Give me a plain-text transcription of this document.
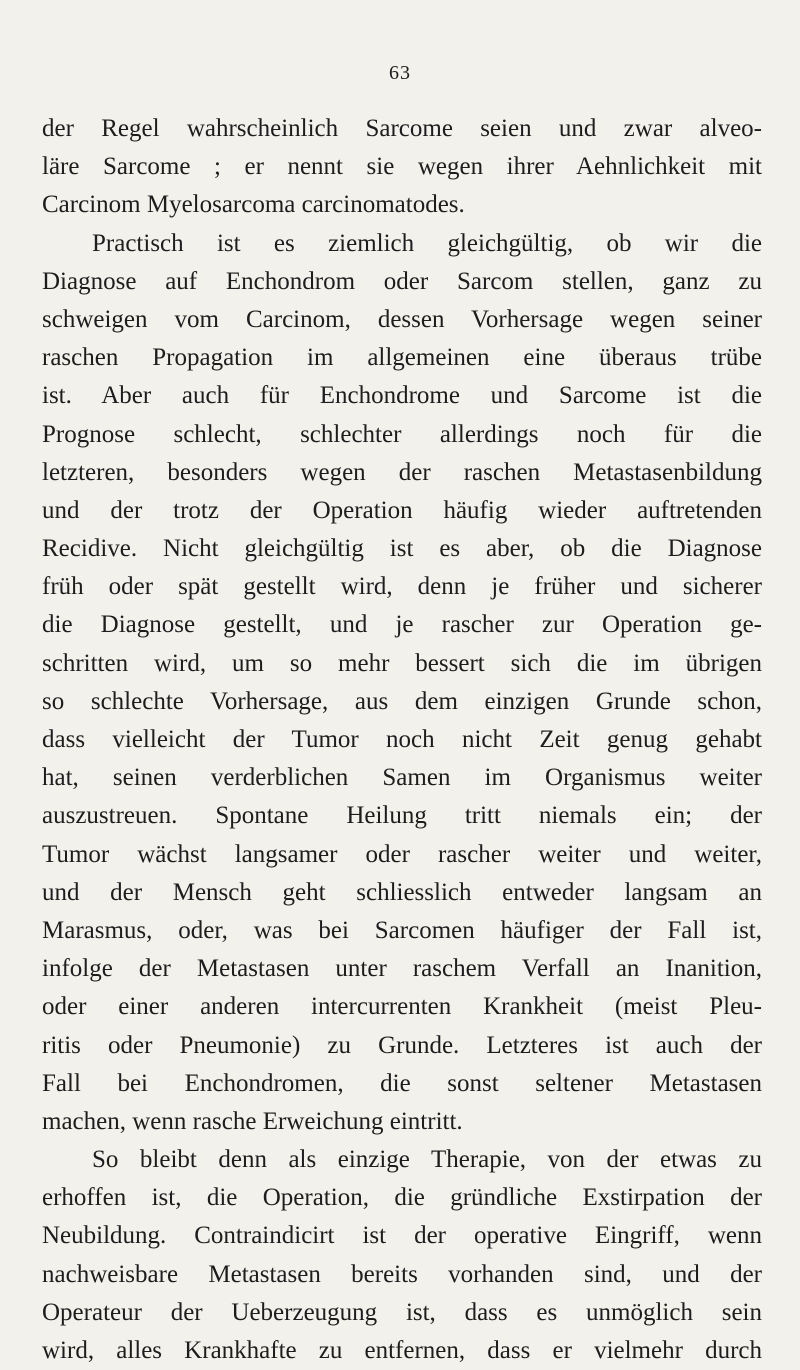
63
der Regel wahrscheinlich Sarcome seien und zwar alveo-
läre Sarcome ; er nennt sie wegen ihrer Aehnlichkeit mit
Carcinom Myelosarcoma carcinomatodes.
Practisch ist es ziemlich gleichgültig, ob wir die
Diagnose auf Enchondrom oder Sarcom stellen, ganz zu
schweigen vom Carcinom, dessen Vorhersage wegen seiner
raschen Propagation im allgemeinen eine überaus trübe
ist. Aber auch für Enchondrome und Sarcome ist die
Prognose schlecht, schlechter allerdings noch für die
letzteren, besonders wegen der raschen Metastasenbildung
und der trotz der Operation häufig wieder auftretenden
Recidive. Nicht gleichgültig ist es aber, ob die Diagnose
früh oder spät gestellt wird, denn je früher und sicherer
die Diagnose gestellt, und je rascher zur Operation ge-
schritten wird, um so mehr bessert sich die im übrigen
so schlechte Vorhersage, aus dem einzigen Grunde schon,
dass vielleicht der Tumor noch nicht Zeit genug gehabt
hat, seinen verderblichen Samen im Organismus weiter
auszustreuen. Spontane Heilung tritt niemals ein; der
Tumor wächst langsamer oder rascher weiter und weiter,
und der Mensch geht schliesslich entweder langsam an
Marasmus, oder, was bei Sarcomen häufiger der Fall ist,
infolge der Metastasen unter raschem Verfall an Inanition,
oder einer anderen intercurrenten Krankheit (meist Pleu-
ritis oder Pneumonie) zu Grunde. Letzteres ist auch der
Fall bei Enchondromen, die sonst seltener Metastasen
machen, wenn rasche Erweichung eintritt.
So bleibt denn als einzige Therapie, von der etwas zu
erhoffen ist, die Operation, die gründliche Exstirpation der
Neubildung. Contraindicirt ist der operative Eingriff, wenn
nachweisbare Metastasen bereits vorhanden sind, und der
Operateur der Ueberzeugung ist, dass es unmöglich sein
wird, alles Krankhafte zu entfernen, dass er vielmehr durch
